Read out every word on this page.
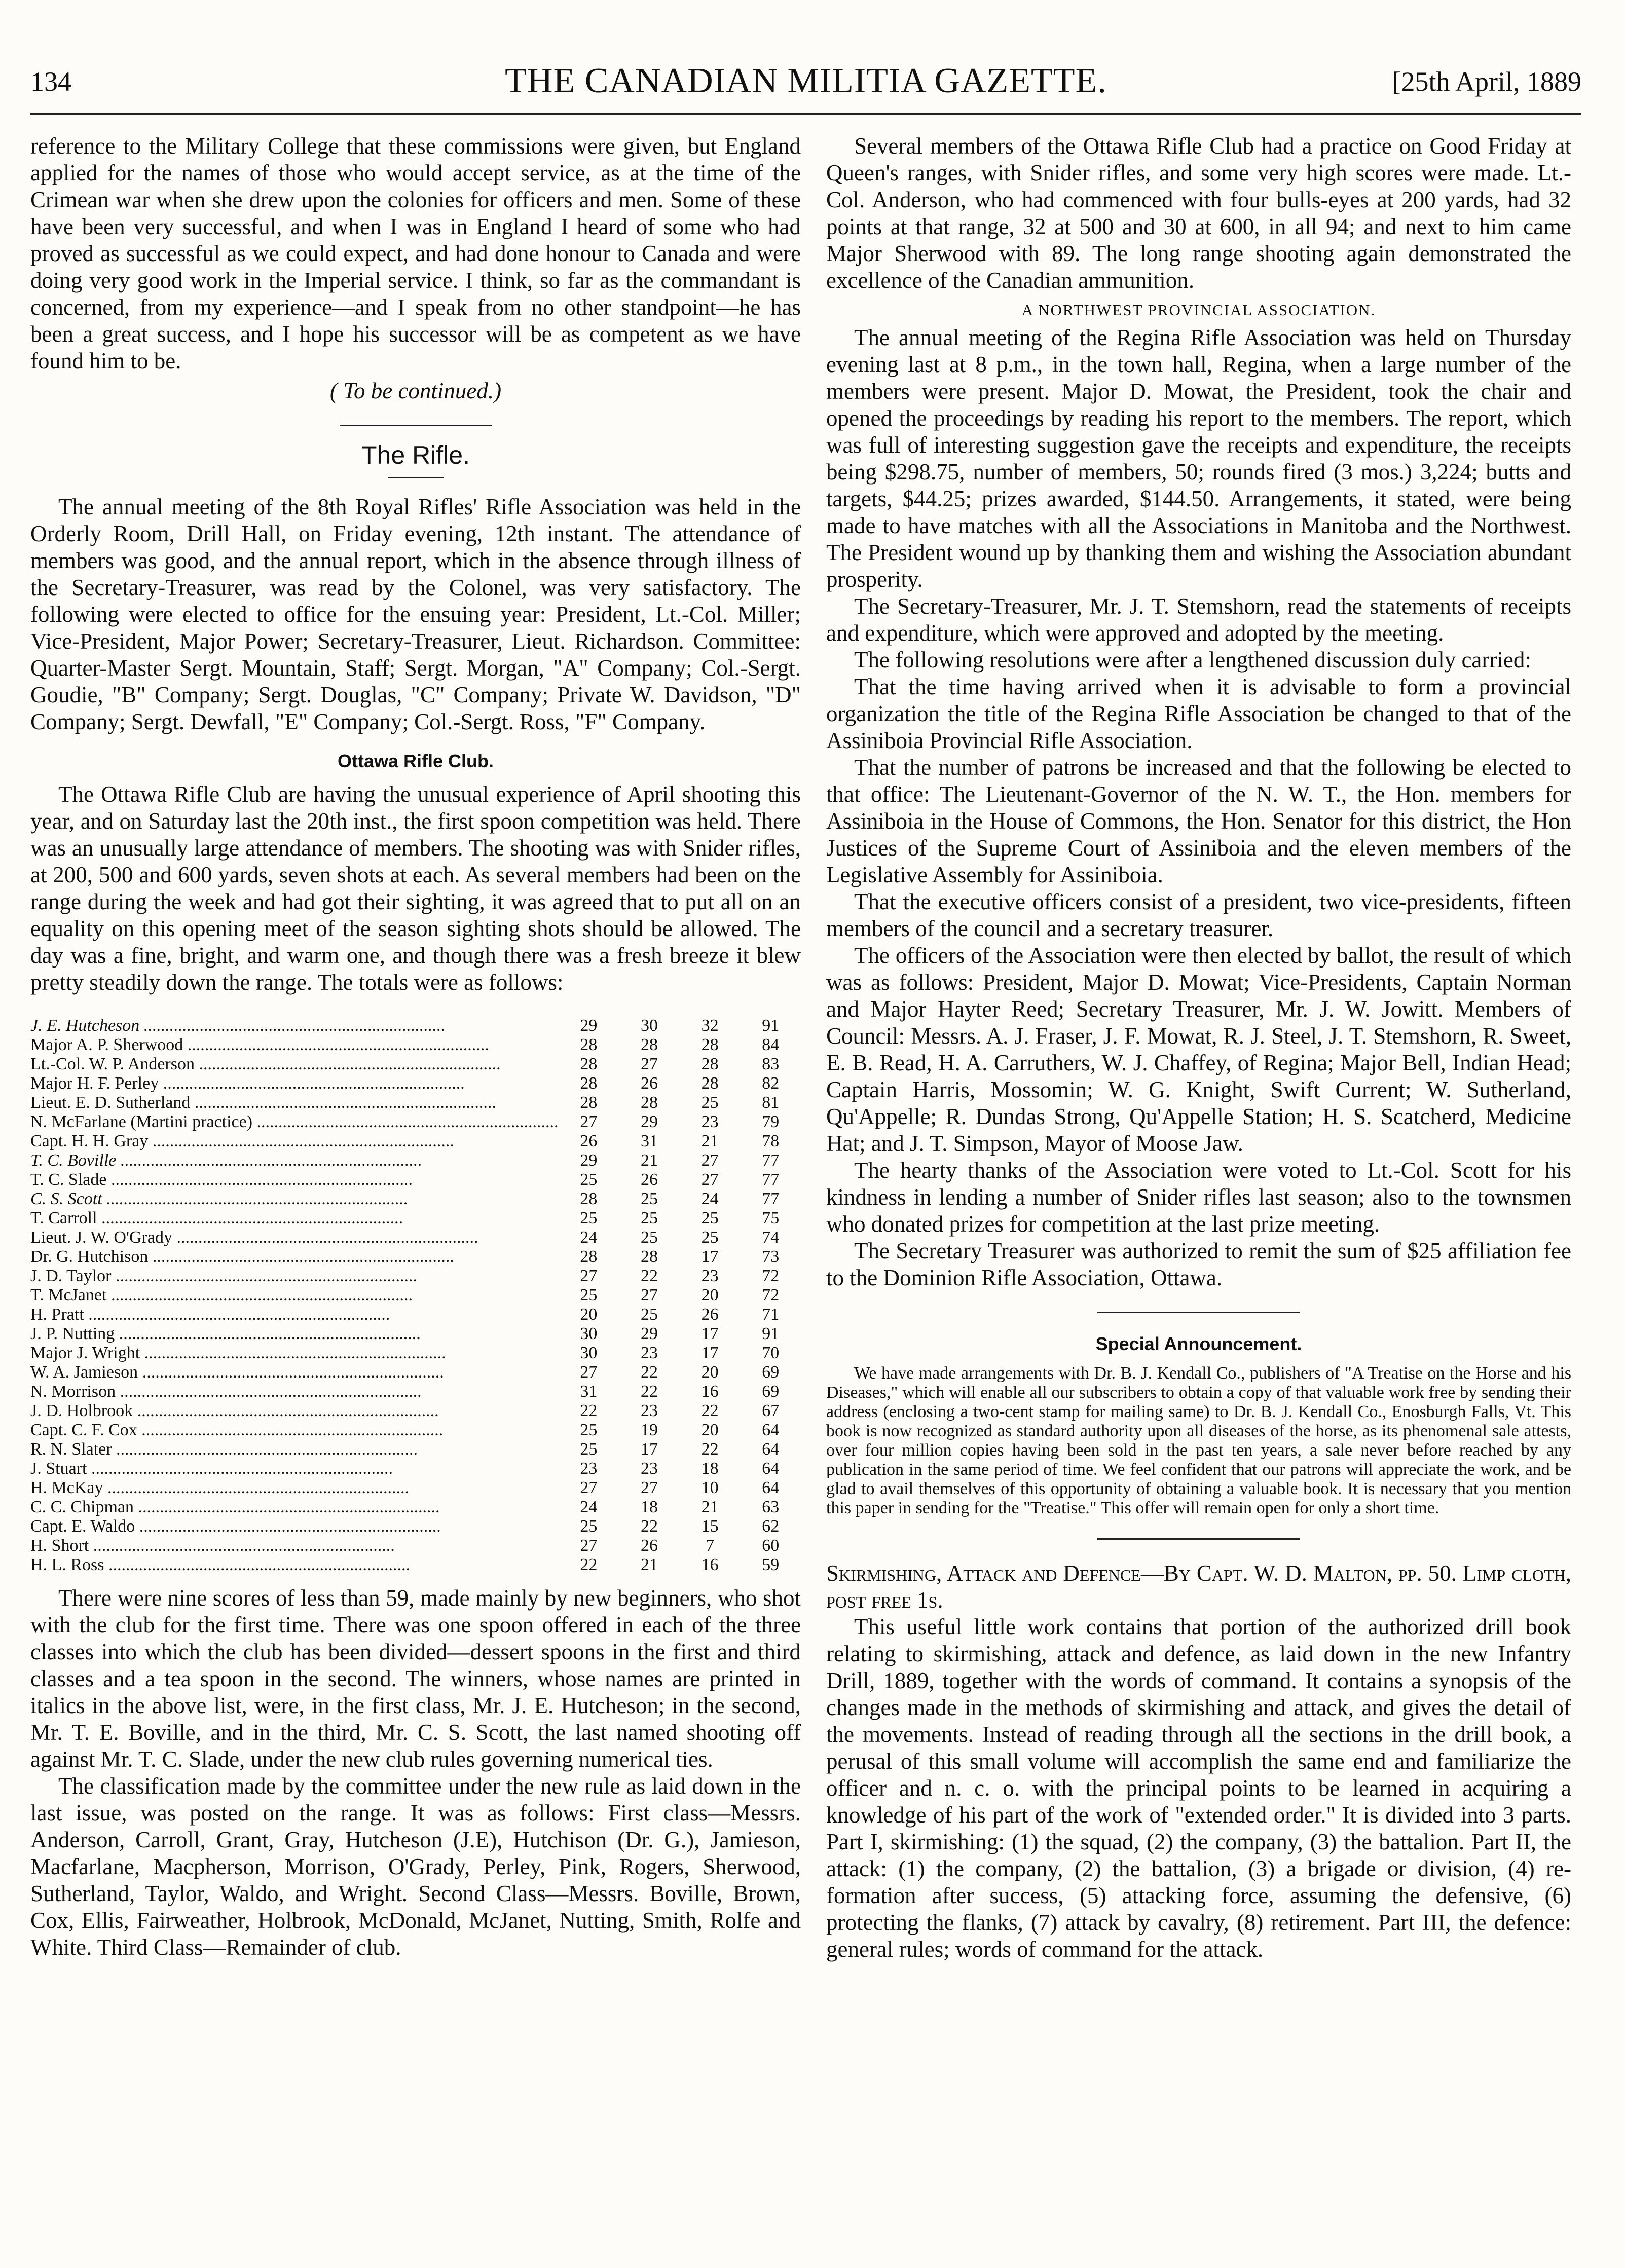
134	THE CANADIAN MILITIA GAZETTE.	[25th April, 1889

reference to the Military College that these commissions were given, but England applied for the names of those who would accept service, as at the time of the Crimean war when she drew upon the colonies for officers and men. Some of these have been very successful, and when I was in England I heard of some who had proved as successful as we could expect, and had done honour to Canada and were doing very good work in the Imperial service. I think, so far as the commandant is concerned, from my experience—and I speak from no other standpoint—he has been a great success, and I hope his successor will be as competent as we have found him to be.

( To be continued.)

The Rifle.

The annual meeting of the 8th Royal Rifles' Rifle Association was held in the Orderly Room, Drill Hall, on Friday evening, 12th instant. The attendance of members was good, and the annual report, which in the absence through illness of the Secretary-Treasurer, was read by the Colonel, was very satisfactory. The following were elected to office for the ensuing year: President, Lt.-Col. Miller; Vice-President, Major Power; Secretary-Treasurer, Lieut. Richardson. Committee: Quarter-Master Sergt. Mountain, Staff; Sergt. Morgan, "A" Company; Col.-Sergt. Goudie, "B" Company; Sergt. Douglas, "C" Company; Private W. Davidson, "D" Company; Sergt. Dewfall, "E" Company; Col.-Sergt. Ross, "F" Company.

Ottawa Rifle Club.

The Ottawa Rifle Club are having the unusual experience of April shooting this year, and on Saturday last the 20th inst., the first spoon competition was held. There was an unusually large attendance of members. The shooting was with Snider rifles, at 200, 500 and 600 yards, seven shots at each. As several members had been on the range during the week and had got their sighting, it was agreed that to put all on an equality on this opening meet of the season sighting shots should be allowed. The day was a fine, bright, and warm one, and though there was a fresh breeze it blew pretty steadily down the range. The totals were as follows:

J. E. Hutcheson .....	29	30	32	91
Major A. P. Sherwood .....	28	28	28	84
Lt.-Col. W. P. Anderson .....	28	27	28	83
Major H. F. Perley .....	28	26	28	82
Lieut. E. D. Sutherland .....	28	28	25	81
N. McFarlane (Martini practice) .....	27	29	23	79
Capt. H. H. Gray .....	26	31	21	78
T. C. Boville .....	29	21	27	77
T. C. Slade .....	25	26	27	77
C. S. Scott .....	28	25	24	77
T. Carroll .....	25	25	25	75
Lieut. J. W. O'Grady .....	24	25	25	74
Dr. G. Hutchison .....	28	28	17	73
J. D. Taylor .....	27	22	23	72
T. McJanet .....	25	27	20	72
H. Pratt .....	20	25	26	71
J. P. Nutting .....	30	29	17	91
Major J. Wright .....	30	23	17	70
W. A. Jamieson .....	27	22	20	69
N. Morrison .....	31	22	16	69
J. D. Holbrook .....	22	23	22	67
Capt. C. F. Cox .....	25	19	20	64
R. N. Slater .....	25	17	22	64
J. Stuart .....	23	23	18	64
H. McKay .....	27	27	10	64
C. C. Chipman .....	24	18	21	63
Capt. E. Waldo .....	25	22	15	62
H. Short .....	27	26	7	60
H. L. Ross .....	22	21	16	59

There were nine scores of less than 59, made mainly by new beginners, who shot with the club for the first time. There was one spoon offered in each of the three classes into which the club has been divided—dessert spoons in the first and third classes and a tea spoon in the second. The winners, whose names are printed in italics in the above list, were, in the first class, Mr. J. E. Hutcheson; in the second, Mr. T. E. Boville, and in the third, Mr. C. S. Scott, the last named shooting off against Mr. T. C. Slade, under the new club rules governing numerical ties.

The classification made by the committee under the new rule as laid down in the last issue, was posted on the range. It was as follows: First class—Messrs. Anderson, Carroll, Grant, Gray, Hutcheson (J.E), Hutchison (Dr. G.), Jamieson, Macfarlane, Macpherson, Morrison, O'Grady, Perley, Pink, Rogers, Sherwood, Sutherland, Taylor, Waldo, and Wright. Second Class—Messrs. Boville, Brown, Cox, Ellis, Fairweather, Holbrook, McDonald, McJanet, Nutting, Smith, Rolfe and White. Third Class—Remainder of club.

Several members of the Ottawa Rifle Club had a practice on Good Friday at Queen's ranges, with Snider rifles, and some very high scores were made. Lt.-Col. Anderson, who had commenced with four bulls-eyes at 200 yards, had 32 points at that range, 32 at 500 and 30 at 600, in all 94; and next to him came Major Sherwood with 89. The long range shooting again demonstrated the excellence of the Canadian ammunition.

A NORTHWEST PROVINCIAL ASSOCIATION.

The annual meeting of the Regina Rifle Association was held on Thursday evening last at 8 p.m., in the town hall, Regina, when a large number of the members were present. Major D. Mowat, the President, took the chair and opened the proceedings by reading his report to the members. The report, which was full of interesting suggestion gave the receipts and expenditure, the receipts being $298.75, number of members, 50; rounds fired (3 mos.) 3,224; butts and targets, $44.25; prizes awarded, $144.50. Arrangements, it stated, were being made to have matches with all the Associations in Manitoba and the Northwest. The President wound up by thanking them and wishing the Association abundant prosperity.

The Secretary-Treasurer, Mr. J. T. Stemshorn, read the statements of receipts and expenditure, which were approved and adopted by the meeting.

The following resolutions were after a lengthened discussion duly carried:

That the time having arrived when it is advisable to form a provincial organization the title of the Regina Rifle Association be changed to that of the Assiniboia Provincial Rifle Association.

That the number of patrons be increased and that the following be elected to that office: The Lieutenant-Governor of the N. W. T., the Hon. members for Assiniboia in the House of Commons, the Hon. Senator for this district, the Hon Justices of the Supreme Court of Assiniboia and the eleven members of the Legislative Assembly for Assiniboia.

That the executive officers consist of a president, two vice-presidents, fifteen members of the council and a secretary treasurer.

The officers of the Association were then elected by ballot, the result of which was as follows: President, Major D. Mowat; Vice-Presidents, Captain Norman and Major Hayter Reed; Secretary Treasurer, Mr. J. W. Jowitt. Members of Council: Messrs. A. J. Fraser, J. F. Mowat, R. J. Steel, J. T. Stemshorn, R. Sweet, E. B. Read, H. A. Carruthers, W. J. Chaffey, of Regina; Major Bell, Indian Head; Captain Harris, Mossomin; W. G. Knight, Swift Current; W. Sutherland, Qu'Appelle; R. Dundas Strong, Qu'Appelle Station; H. S. Scatcherd, Medicine Hat; and J. T. Simpson, Mayor of Moose Jaw.

The hearty thanks of the Association were voted to Lt.-Col. Scott for his kindness in lending a number of Snider rifles last season; also to the townsmen who donated prizes for competition at the last prize meeting.

The Secretary Treasurer was authorized to remit the sum of $25 affiliation fee to the Dominion Rifle Association, Ottawa.

Special Announcement.

We have made arrangements with Dr. B. J. Kendall Co., publishers of "A Treatise on the Horse and his Diseases," which will enable all our subscribers to obtain a copy of that valuable work free by sending their address (enclosing a two-cent stamp for mailing same) to Dr. B. J. Kendall Co., Enosburgh Falls, Vt. This book is now recognized as standard authority upon all diseases of the horse, as its phenomenal sale attests, over four million copies having been sold in the past ten years, a sale never before reached by any publication in the same period of time. We feel confident that our patrons will appreciate the work, and be glad to avail themselves of this opportunity of obtaining a valuable book. It is necessary that you mention this paper in sending for the "Treatise." This offer will remain open for only a short time.

Skirmishing, Attack and Defence—By Capt. W. D. Malton, pp. 50. Limp cloth, post free 1s.

This useful little work contains that portion of the authorized drill book relating to skirmishing, attack and defence, as laid down in the new Infantry Drill, 1889, together with the words of command. It contains a synopsis of the changes made in the methods of skirmishing and attack, and gives the detail of the movements. Instead of reading through all the sections in the drill book, a perusal of this small volume will accomplish the same end and familiarize the officer and n. c. o. with the principal points to be learned in acquiring a knowledge of his part of the work of "extended order." It is divided into 3 parts. Part I, skirmishing: (1) the squad, (2) the company, (3) the battalion. Part II, the attack: (1) the company, (2) the battalion, (3) a brigade or division, (4) re-formation after success, (5) attacking force, assuming the defensive, (6) protecting the flanks, (7) attack by cavalry, (8) retirement. Part III, the defence: general rules; words of command for the attack.
